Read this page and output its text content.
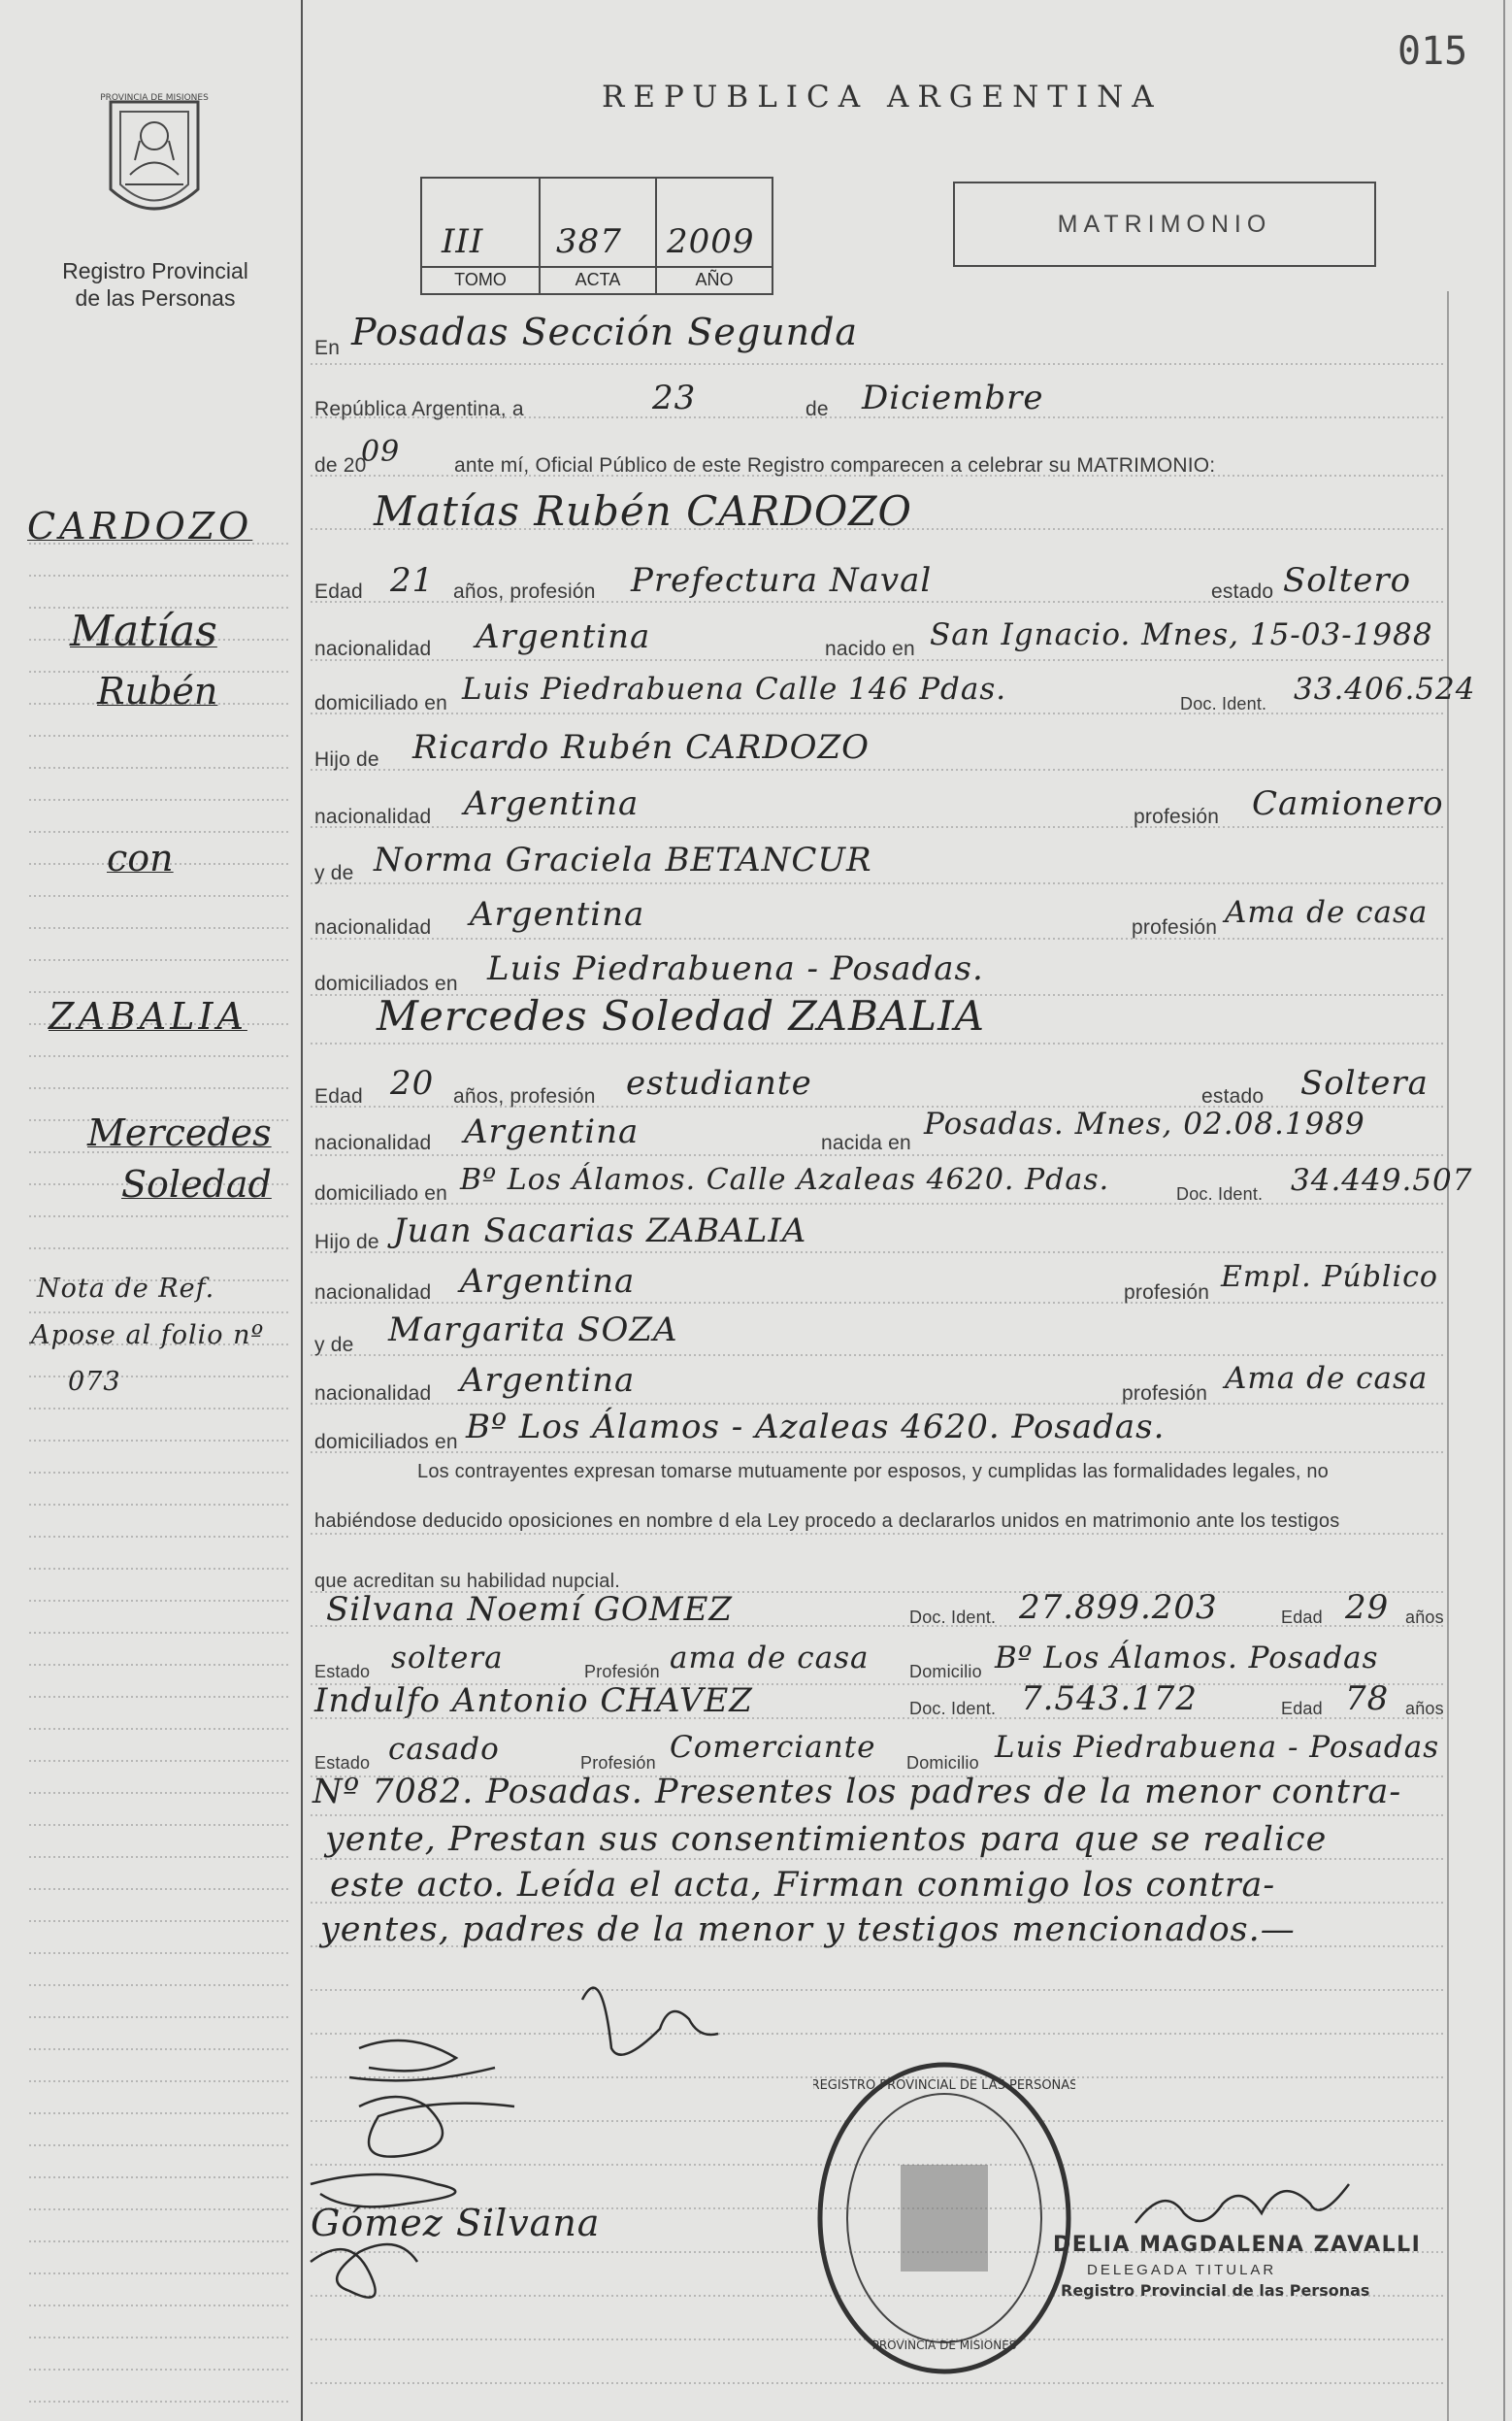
015
REPUBLICA ARGENTINA
PROVINCIA DE MISIONES
Registro Provincial
de las Personas
III 387 2009
TOMO	ACTA	AÑO
MATRIMONIO
CARDOZO
Matías
Rubén
con
ZABALIA
Mercedes
Soledad
Nota de Ref.
Apose al folio nº
073
En Posadas Sección Segunda
República Argentina, a	23	de Diciembre
de 20
09	ante mí, Oficial Público de este Registro comparecen a celebrar su MATRIMONIO:
Matías Rubén CARDOZO
Edad 21 años, profesión Prefectura Naval	estado Soltero
nacionalidad Argentina	nacido en San Ignacio. Mnes, 15-03-1988
domiciliado en Luis Piedrabuena Calle 146 Pdas.	Doc. Ident. 33.406.524
Hijo de Ricardo Rubén CARDOZO
nacionalidad Argentina	profesión Camionero
y de Norma Graciela BETANCUR
nacionalidad Argentina	profesión Ama de casa
domiciliados en Luis Piedrabuena - Posadas.
Mercedes Soledad ZABALIA
Edad 20 años, profesión estudiante	estado Soltera
nacionalidad Argentina	nacida en
Posadas. Mnes, 02.08.1989
domiciliado en Bº Los Álamos. Calle Azaleas 4620. Pdas.	Doc. Ident. 34.449.507
Hijo de Juan Sacarias ZABALIA
nacionalidad Argentina	profesión Empl. Público
y de Margarita SOZA
nacionalidad Argentina	profesión Ama de casa
domiciliados en Bº Los Álamos - Azaleas 4620. Posadas.
Los contrayentes expresan tomarse mutuamente por esposos, y cumplidas las formalidades legales, no
habiéndose deducido oposiciones en nombre d ela Ley procedo a declararlos unidos en matrimonio ante los testigos
que acreditan su habilidad nupcial.
Silvana Noemí GOMEZ	Doc. Ident. 27.899.203	Edad 29 años
Estado soltera	Profesión ama de casa Domicilio Bº Los Álamos. Posadas
Indulfo Antonio CHAVEZ	Doc. Ident. 7.543.172	Edad 78 años
Estado casado	Profesión Comerciante Domicilio Luis Piedrabuena - Posadas
Nº 7082. Posadas. Presentes los padres de la menor contra-
yente, Prestan sus consentimientos para que se realice
este acto. Leída el acta, Firman conmigo los contra-
yentes, padres de la menor y testigos mencionados.—
Gómez Silvana
REGISTRO PROVINCIAL DE LAS PERSONAS
PROVINCIA DE MISIONES
DELIA MAGDALENA ZAVALLI
DELEGADA TITULAR
Registro Provincial de las Personas
